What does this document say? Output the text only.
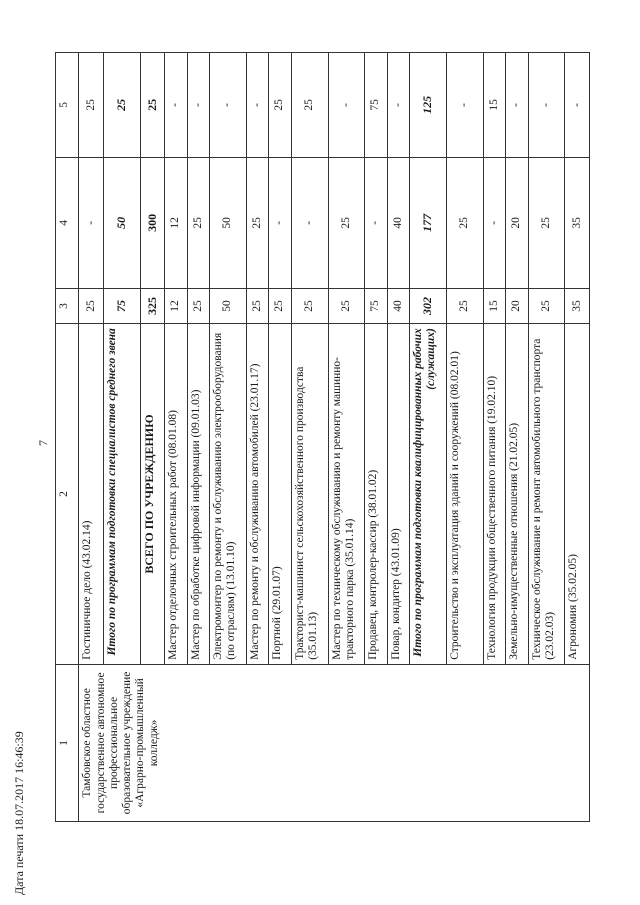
7
Дата печати 18.07.2017 16:46:39	1	2	3	4	5
Тамбовское областное государственное автономное профессиональное образовательное учреждение «Аграрно-промышленный колледж»	Гостиничное дело (43.02.14)	25	-	25
	Итого по программам подготовки специалистов среднего звена	75	50	25
	ВСЕГО ПО УЧРЕЖДЕНИЮ	325	300	25
	Мастер отделочных строительных работ (08.01.08)	12	12	-
	Мастер по обработке цифровой информации (09.01.03)	25	25	-
	Электромонтер по ремонту и обслуживанию электрооборудования (по отраслям) (13.01.10)	50	50	-
	Мастер по ремонту и обслуживанию автомобилей (23.01.17)	25	25	-
	Портной (29.01.07)	25	-	25
	Тракторист-машинист сельскохозяйственного производства (35.01.13)	25	-	25
	Мастер по техническому обслуживанию и ремонту машинно-тракторного парка (35.01.14)	25	25	-
	Продавец, контролер-кассир (38.01.02)	75	-	75
	Повар, кондитер (43.01.09)	40	40	-
	Итого по программам подготовки квалифицированных рабочих (служащих)	302	177	125
	Строительство и эксплуатация зданий и сооружений (08.02.01)	25	25	-
	Технология продукции общественного питания (19.02.10)	15	-	15
	Земельно-имущественные отношения (21.02.05)	20	20	-
	Техническое обслуживание и ремонт автомобильного транспорта (23.02.03)	25	25	-
	Агрономия (35.02.05)	35	35	-
